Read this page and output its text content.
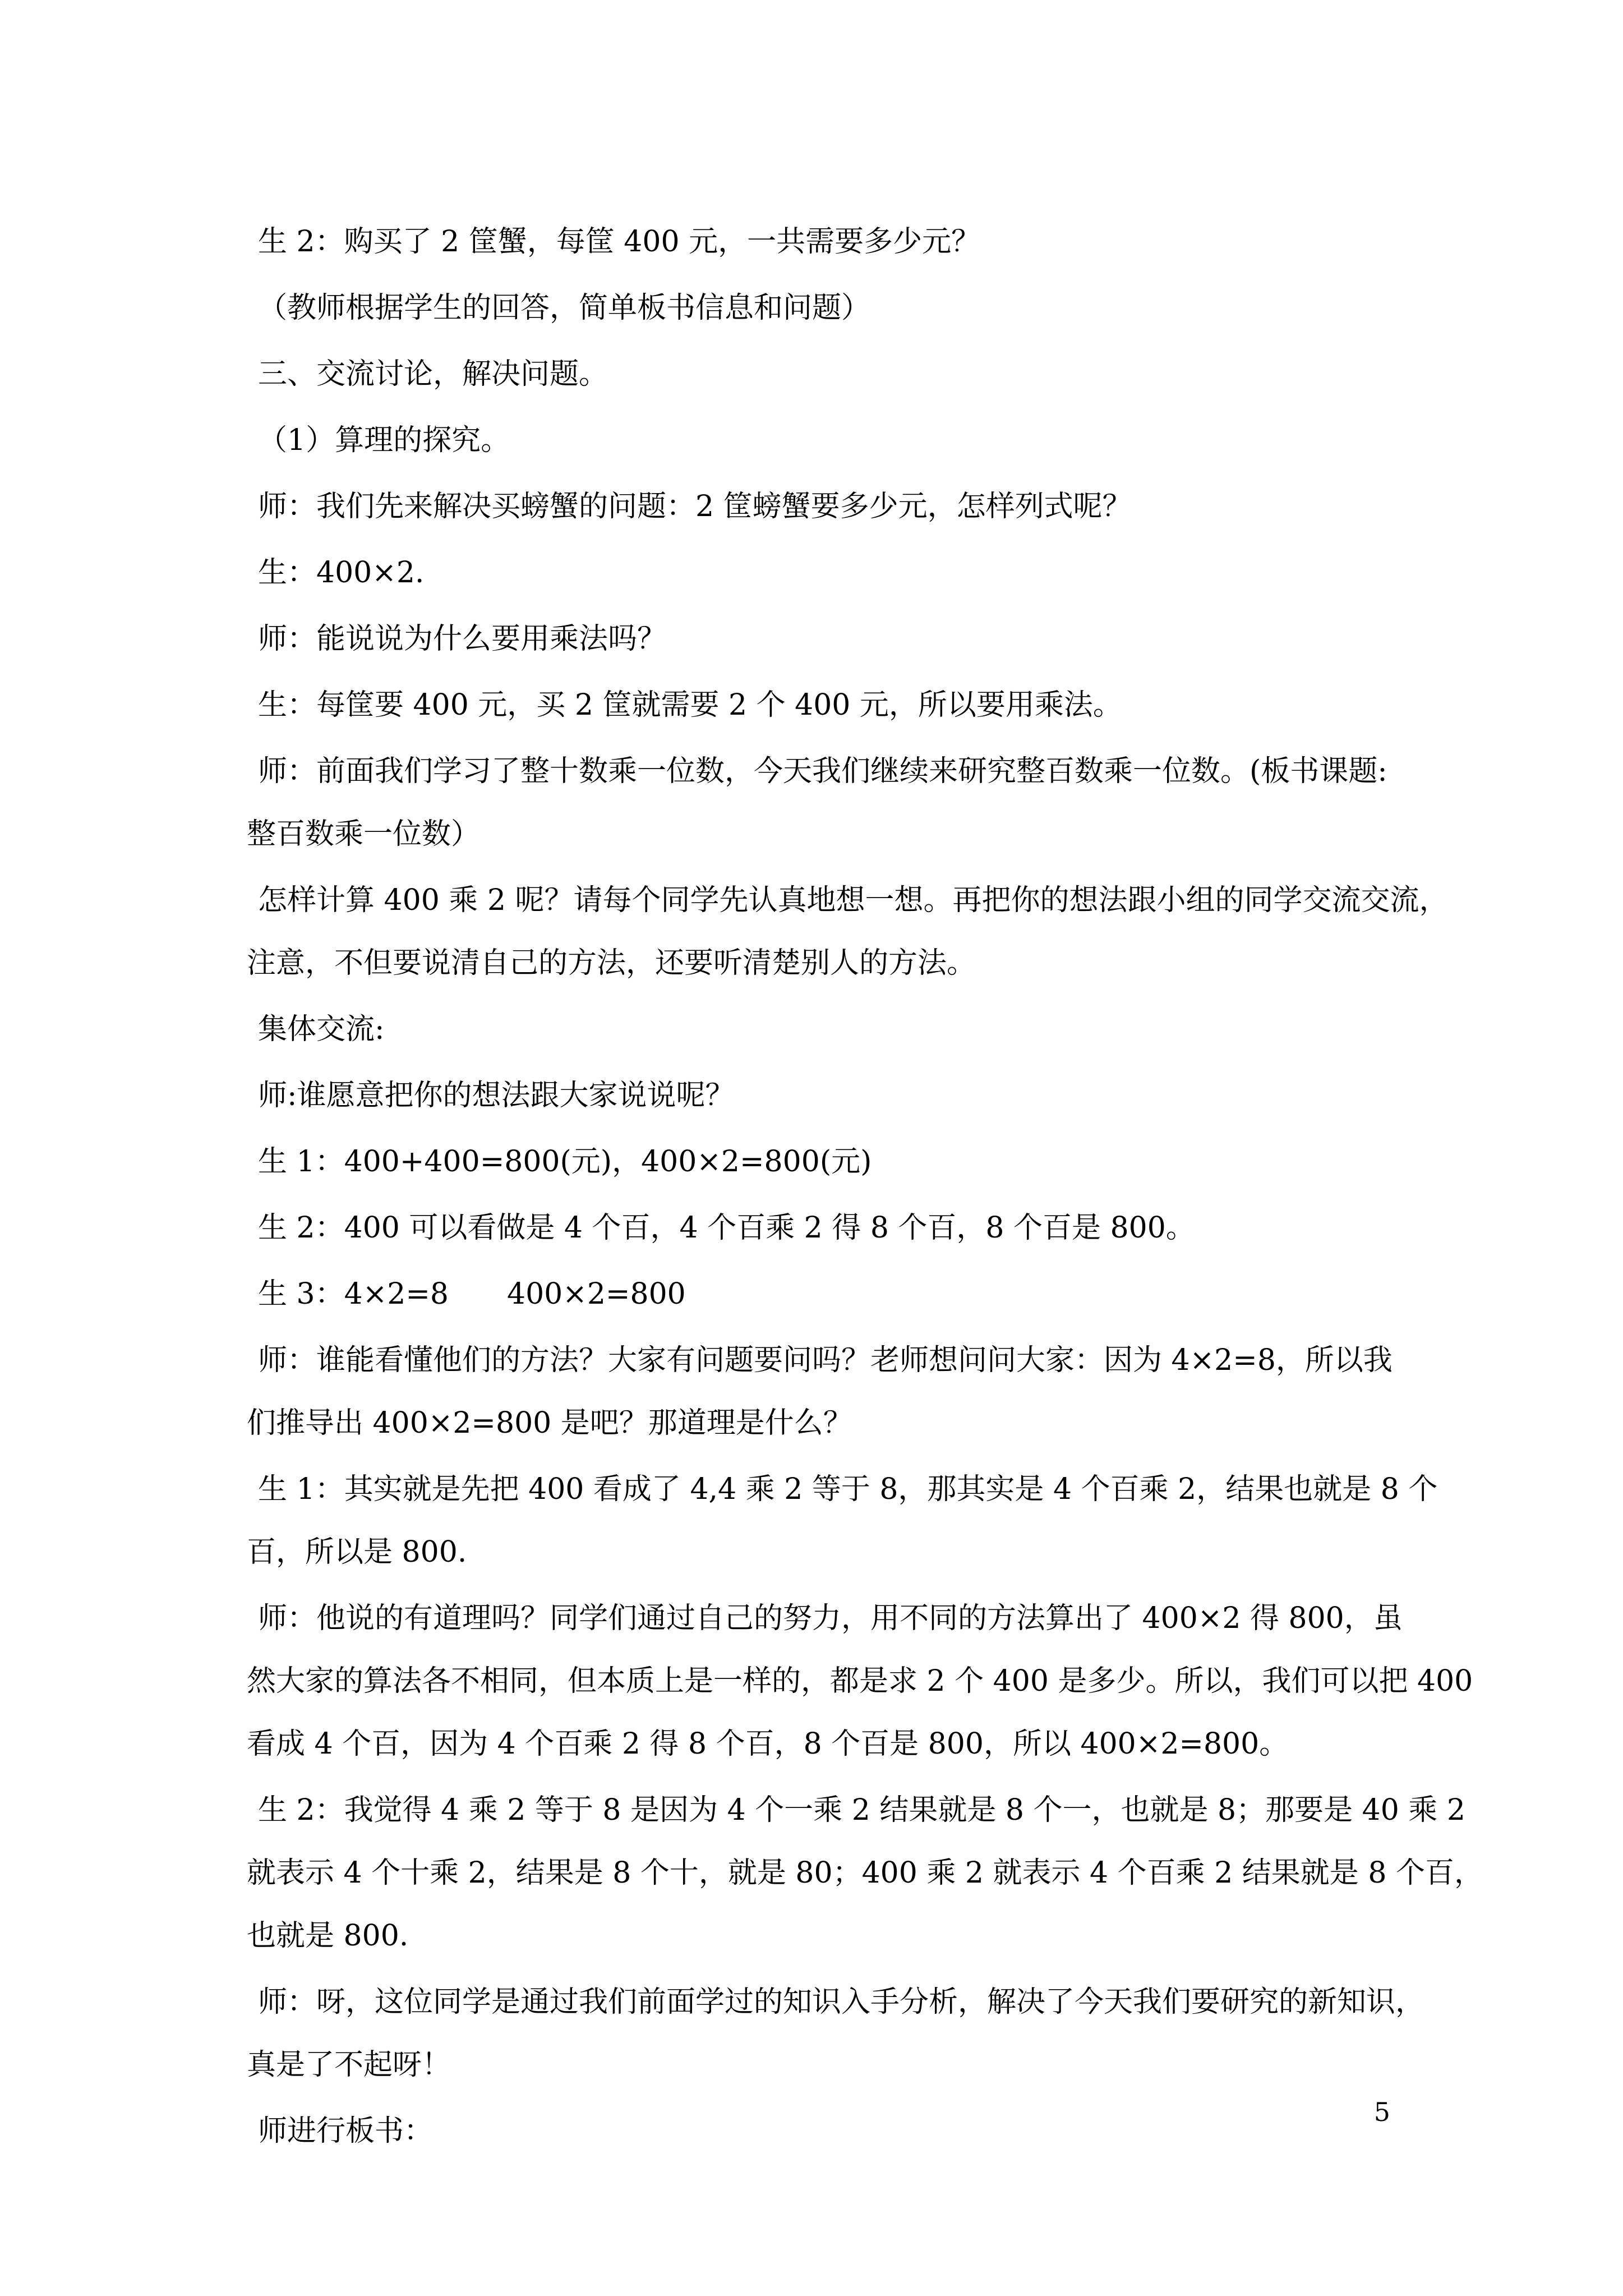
生 2：购买了 2 筐蟹，每筐 400 元，一共需要多少元？
（教师根据学生的回答，简单板书信息和问题）
三、交流讨论，解决问题。
（1）算理的探究。
师：我们先来解决买螃蟹的问题：2 筐螃蟹要多少元，怎样列式呢？
生：400×2.
师：能说说为什么要用乘法吗？
生：每筐要 400 元，买 2 筐就需要 2 个 400 元，所以要用乘法。
师：前面我们学习了整十数乘一位数，今天我们继续来研究整百数乘一位数。(板书课题:
整百数乘一位数）
怎样计算 400 乘 2 呢？请每个同学先认真地想一想。再把你的想法跟小组的同学交流交流，
注意，不但要说清自己的方法，还要听清楚别人的方法。
集体交流:
师:谁愿意把你的想法跟大家说说呢？
生 1：400+400=800(元)，400×2=800(元)
生 2：400 可以看做是 4 个百，4 个百乘 2 得 8 个百，8 个百是 800。
生 3：4×2=8　　400×2=800
师：谁能看懂他们的方法？大家有问题要问吗？老师想问问大家：因为 4×2=8，所以我
们推导出 400×2=800 是吧？那道理是什么？
生 1：其实就是先把 400 看成了 4,4 乘 2 等于 8，那其实是 4 个百乘 2，结果也就是 8 个
百，所以是 800.
师：他说的有道理吗？同学们通过自己的努力，用不同的方法算出了 400×2 得 800，虽
然大家的算法各不相同，但本质上是一样的，都是求 2 个 400 是多少。所以，我们可以把 400
看成 4 个百，因为 4 个百乘 2 得 8 个百，8 个百是 800，所以 400×2=800。
生 2：我觉得 4 乘 2 等于 8 是因为 4 个一乘 2 结果就是 8 个一，也就是 8；那要是 40 乘 2
就表示 4 个十乘 2，结果是 8 个十，就是 80；400 乘 2 就表示 4 个百乘 2 结果就是 8 个百，
也就是 800.
师：呀，这位同学是通过我们前面学过的知识入手分析，解决了今天我们要研究的新知识，
真是了不起呀！
师进行板书：
5
